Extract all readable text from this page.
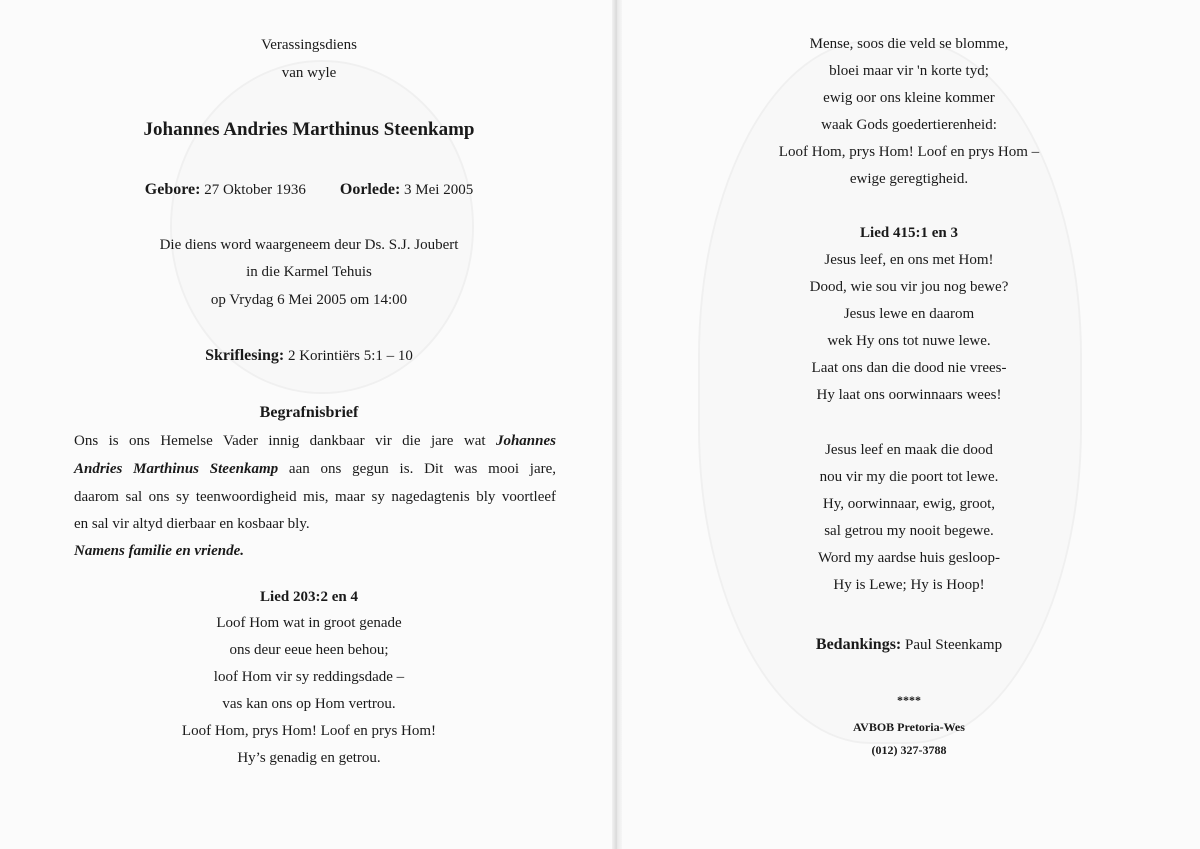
Verassingsdiens
van wyle
Johannes Andries Marthinus Steenkamp
Gebore: 27 Oktober 1936 Oorlede: 3 Mei 2005
Die diens word waargeneem deur Ds. S.J. Joubert
in die Karmel Tehuis
op Vrydag 6 Mei 2005 om 14:00
Skriflesing: 2 Korintiërs 5:1 – 10
Begrafnisbrief
Ons is ons Hemelse Vader innig dankbaar vir die jare wat Johannes
Andries Marthinus Steenkamp aan ons gegun is. Dit was mooi jare,
daarom sal ons sy teenwoordigheid mis, maar sy nagedagtenis bly voortleef
en sal vir altyd dierbaar en kosbaar bly.
Namens familie en vriende.
Lied 203:2 en 4
Loof Hom wat in groot genade
ons deur eeue heen behou;
loof Hom vir sy reddingsdade –
vas kan ons op Hom vertrou.
Loof Hom, prys Hom! Loof en prys Hom!
Hy’s genadig en getrou.
Mense, soos die veld se blomme,
bloei maar vir 'n korte tyd;
ewig oor ons kleine kommer
waak Gods goedertierenheid:
Loof Hom, prys Hom! Loof en prys Hom –
ewige geregtigheid.
Lied 415:1 en 3
Jesus leef, en ons met Hom!
Dood, wie sou vir jou nog bewe?
Jesus lewe en daarom
wek Hy ons tot nuwe lewe.
Laat ons dan die dood nie vrees-
Hy laat ons oorwinnaars wees!
Jesus leef en maak die dood
nou vir my die poort tot lewe.
Hy, oorwinnaar, ewig, groot,
sal getrou my nooit begewe.
Word my aardse huis gesloop-
Hy is Lewe; Hy is Hoop!
Bedankings: Paul Steenkamp
****
AVBOB Pretoria-Wes
(012) 327-3788
